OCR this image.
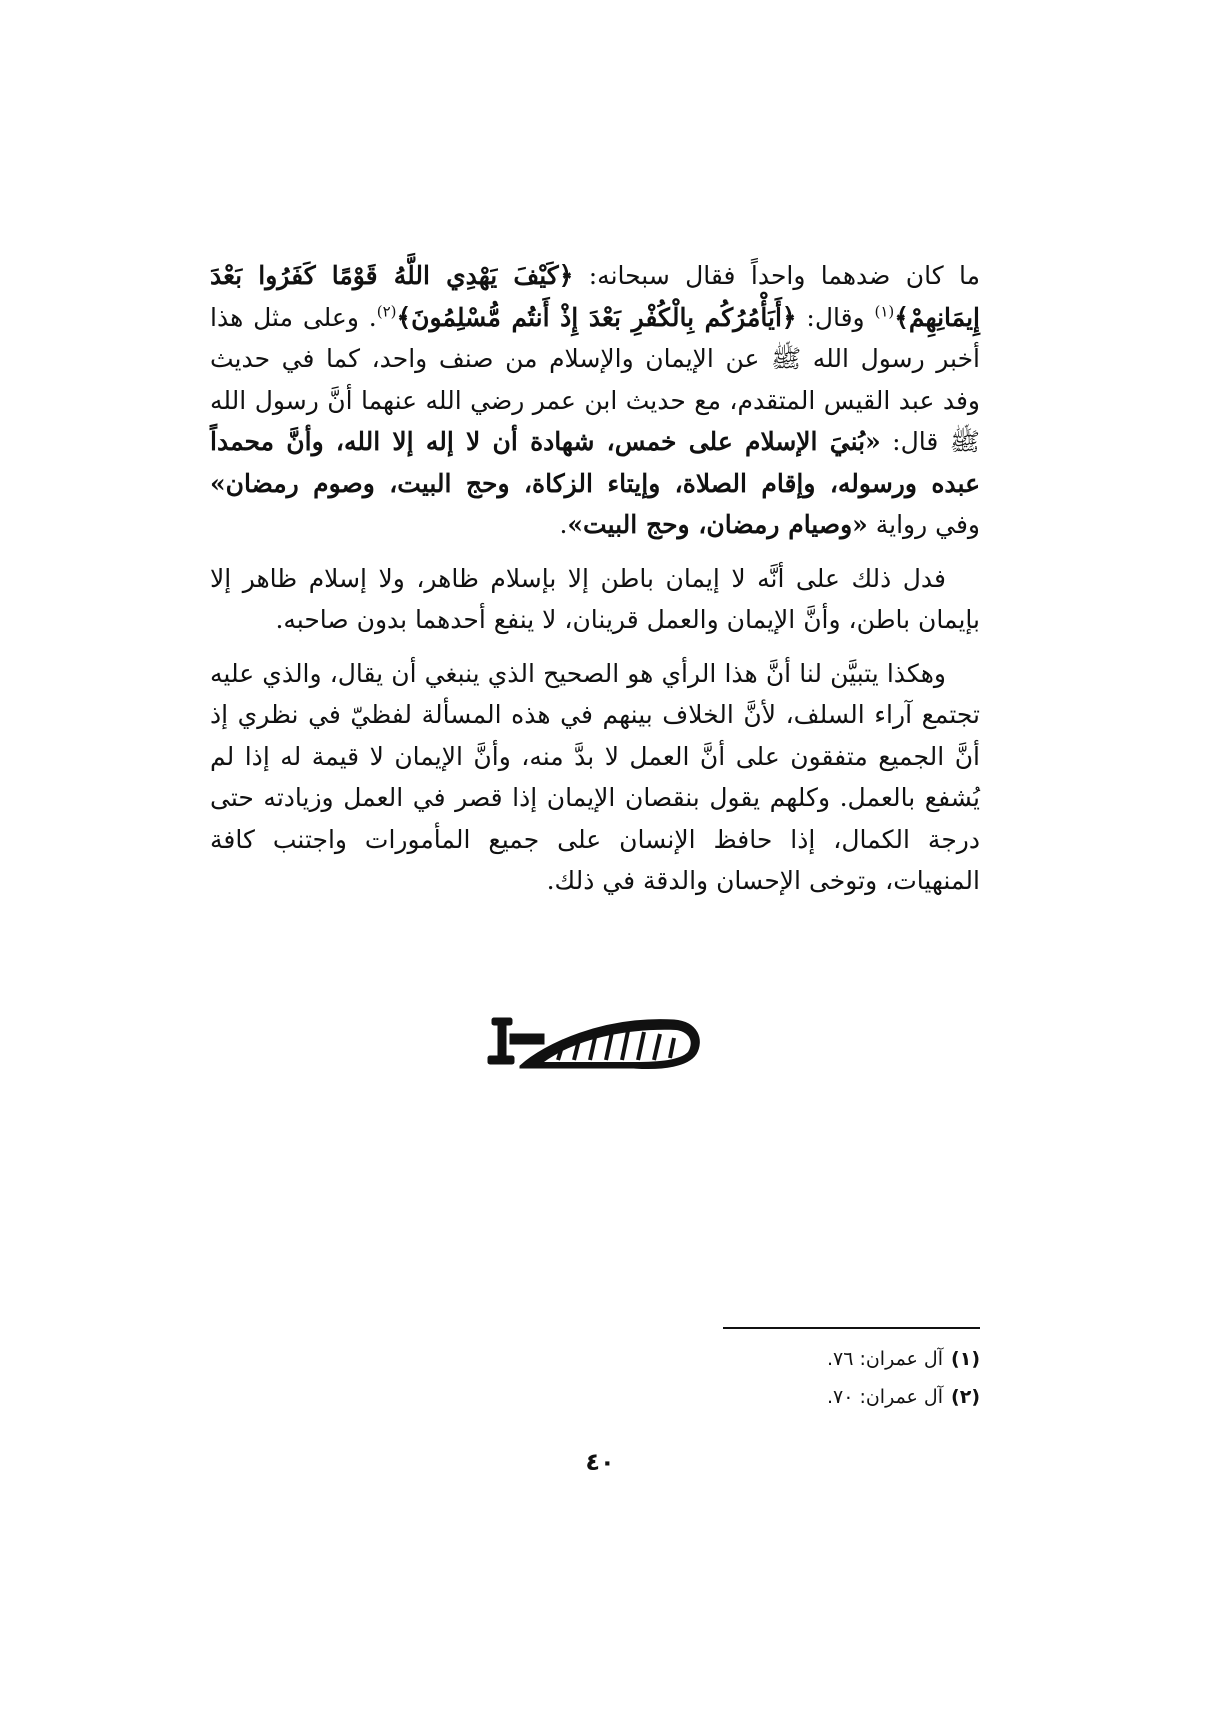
ما كان ضدهما واحداً فقال سبحانه: ﴿كَيْفَ يَهْدِي اللَّهُ قَوْمًا كَفَرُوا بَعْدَ إِيمَانِهِمْ﴾$^{(١)}$ وقال: ﴿أَيَأْمُرُكُم بِالْكُفْرِ بَعْدَ إِذْ أَنتُم مُّسْلِمُونَ﴾$^{(٢)}$. وعلى مثل هذا أخبر رسول الله ﷺ عن الإيمان والإسلام من صنف واحد، كما في حديث وفد عبد القيس المتقدم، مع حديث ابن عمر رضي الله عنهما أنَّ رسول الله ﷺ قال: «بُنيَ الإسلام على خمس، شهادة أن لا إله إلا الله، وأنَّ محمداً عبده ورسوله، وإقام الصلاة، وإيتاء الزكاة، وحج البيت، وصوم رمضان» وفي رواية «وصيام رمضان، وحج البيت».

فدل ذلك على أنَّه لا إيمان باطن إلا بإسلام ظاهر، ولا إسلام ظاهر إلا بإيمان باطن، وأنَّ الإيمان والعمل قرينان، لا ينفع أحدهما بدون صاحبه.

وهكذا يتبيَّن لنا أنَّ هذا الرأي هو الصحيح الذي ينبغي أن يقال، والذي عليه تجتمع آراء السلف، لأنَّ الخلاف بينهم في هذه المسألة لفظيّ في نظري إذ أنَّ الجميع متفقون على أنَّ العمل لا بدَّ منه، وأنَّ الإيمان لا قيمة له إذا لم يُشفع بالعمل. وكلهم يقول بنقصان الإيمان إذا قصر في العمل وزيادته حتى درجة الكمال، إذا حافظ الإنسان على جميع المأمورات واجتنب كافة المنهيات، وتوخى الإحسان والدقة في ذلك.

(١)آل عمران: ٧٦.

(٢)آل عمران: ٧٠.

٤٠
